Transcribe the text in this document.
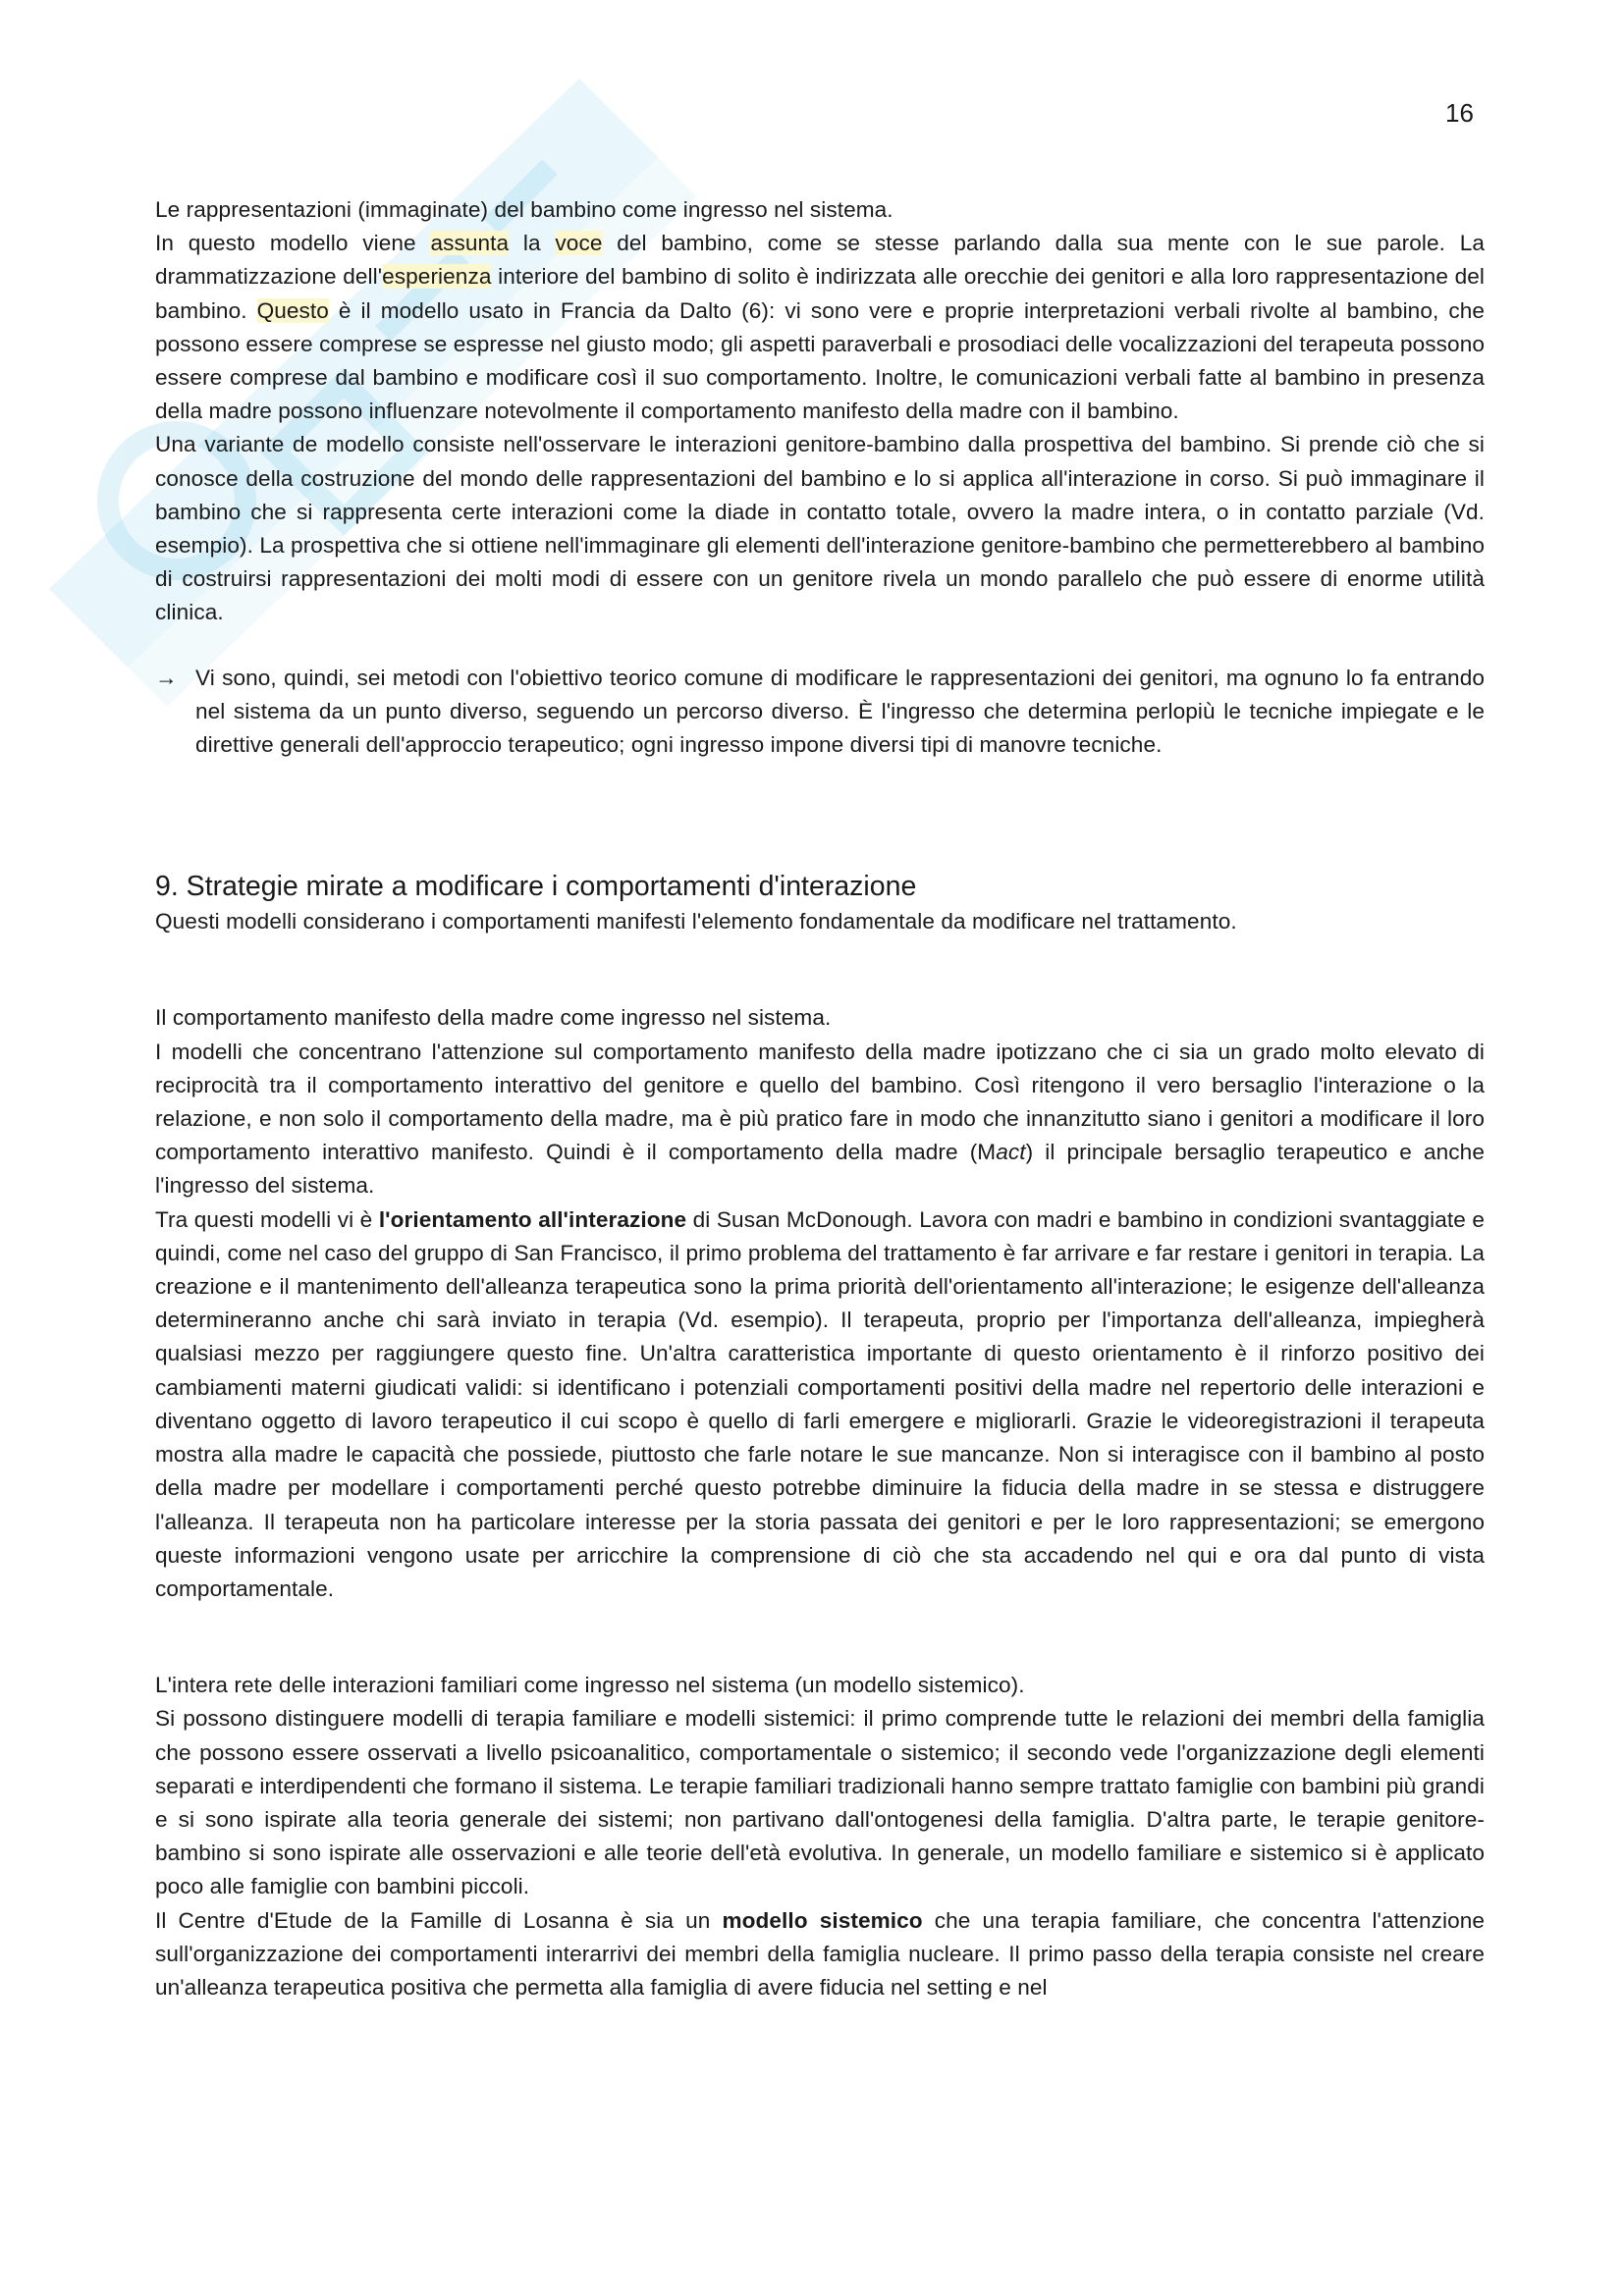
16

Le rappresentazioni (immaginate) del bambino come ingresso nel sistema.

In questo modello viene assunta la voce del bambino, come se stesse parlando dalla sua mente con le sue parole. La drammatizzazione dell'esperienza interiore del bambino di solito è indirizzata alle orecchie dei genitori e alla loro rappresentazione del bambino. Questo è il modello usato in Francia da Dalto (6): vi sono vere e proprie interpretazioni verbali rivolte al bambino, che possono essere comprese se espresse nel giusto modo; gli aspetti paraverbali e prosodiaci delle vocalizzazioni del terapeuta possono essere comprese dal bambino e modificare così il suo comportamento. Inoltre, le comunicazioni verbali fatte al bambino in presenza della madre possono influenzare notevolmente il comportamento manifesto della madre con il bambino.

Una variante de modello consiste nell'osservare le interazioni genitore-bambino dalla prospettiva del bambino. Si prende ciò che si conosce della costruzione del mondo delle rappresentazioni del bambino e lo si applica all'interazione in corso. Si può immaginare il bambino che si rappresenta certe interazioni come la diade in contatto totale, ovvero la madre intera, o in contatto parziale (Vd. esempio). La prospettiva che si ottiene nell'immaginare gli elementi dell'interazione genitore-bambino che permetterebbero al bambino di costruirsi rappresentazioni dei molti modi di essere con un genitore rivela un mondo parallelo che può essere di enorme utilità clinica.

→ Vi sono, quindi, sei metodi con l'obiettivo teorico comune di modificare le rappresentazioni dei genitori, ma ognuno lo fa entrando nel sistema da un punto diverso, seguendo un percorso diverso. È l'ingresso che determina perlopiù le tecniche impiegate e le direttive generali dell'approccio terapeutico; ogni ingresso impone diversi tipi di manovre tecniche.

9. Strategie mirate a modificare i comportamenti d'interazione

Questi modelli considerano i comportamenti manifesti l'elemento fondamentale da modificare nel trattamento.

Il comportamento manifesto della madre come ingresso nel sistema.

I modelli che concentrano l'attenzione sul comportamento manifesto della madre ipotizzano che ci sia un grado molto elevato di reciprocità tra il comportamento interattivo del genitore e quello del bambino. Così ritengono il vero bersaglio l'interazione o la relazione, e non solo il comportamento della madre, ma è più pratico fare in modo che innanzitutto siano i genitori a modificare il loro comportamento interattivo manifesto. Quindi è il comportamento della madre (Mact) il principale bersaglio terapeutico e anche l'ingresso del sistema.

Tra questi modelli vi è l'orientamento all'interazione di Susan McDonough. Lavora con madri e bambino in condizioni svantaggiate e quindi, come nel caso del gruppo di San Francisco, il primo problema del trattamento è far arrivare e far restare i genitori in terapia. La creazione e il mantenimento dell'alleanza terapeutica sono la prima priorità dell'orientamento all'interazione; le esigenze dell'alleanza determineranno anche chi sarà inviato in terapia (Vd. esempio). Il terapeuta, proprio per l'importanza dell'alleanza, impiegherà qualsiasi mezzo per raggiungere questo fine. Un'altra caratteristica importante di questo orientamento è il rinforzo positivo dei cambiamenti materni giudicati validi: si identificano i potenziali comportamenti positivi della madre nel repertorio delle interazioni e diventano oggetto di lavoro terapeutico il cui scopo è quello di farli emergere e migliorarli. Grazie le videoregistrazioni il terapeuta mostra alla madre le capacità che possiede, piuttosto che farle notare le sue mancanze. Non si interagisce con il bambino al posto della madre per modellare i comportamenti perché questo potrebbe diminuire la fiducia della madre in se stessa e distruggere l'alleanza. Il terapeuta non ha particolare interesse per la storia passata dei genitori e per le loro rappresentazioni; se emergono queste informazioni vengono usate per arricchire la comprensione di ciò che sta accadendo nel qui e ora dal punto di vista comportamentale.

L'intera rete delle interazioni familiari come ingresso nel sistema (un modello sistemico).

Si possono distinguere modelli di terapia familiare e modelli sistemici: il primo comprende tutte le relazioni dei membri della famiglia che possono essere osservati a livello psicoanalitico, comportamentale o sistemico; il secondo vede l'organizzazione degli elementi separati e interdipendenti che formano il sistema. Le terapie familiari tradizionali hanno sempre trattato famiglie con bambini più grandi e si sono ispirate alla teoria generale dei sistemi; non partivano dall'ontogenesi della famiglia. D'altra parte, le terapie genitore-bambino si sono ispirate alle osservazioni e alle teorie dell'età evolutiva. In generale, un modello familiare e sistemico si è applicato poco alle famiglie con bambini piccoli.

Il Centre d'Etude de la Famille di Losanna è sia un modello sistemico che una terapia familiare, che concentra l'attenzione sull'organizzazione dei comportamenti interarrivi dei membri della famiglia nucleare. Il primo passo della terapia consiste nel creare un'alleanza terapeutica positiva che permetta alla famiglia di avere fiducia nel setting e nel
